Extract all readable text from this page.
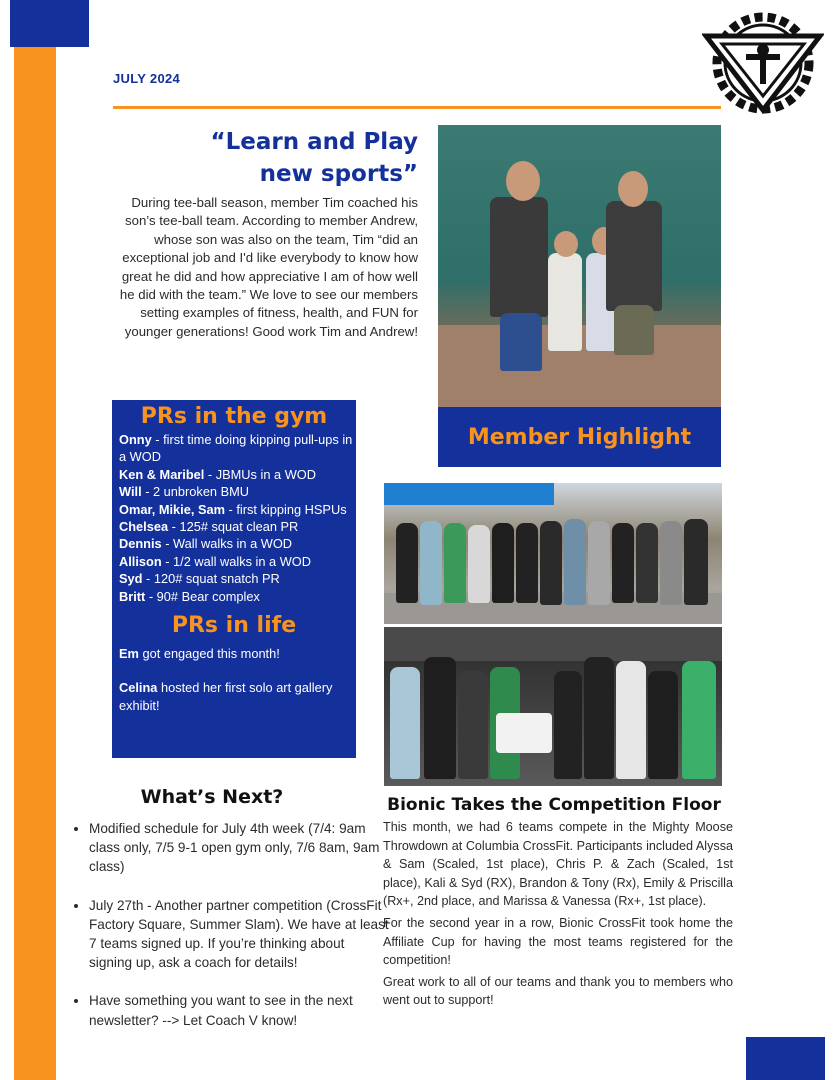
JULY 2024
“Learn and Play new sports”
During tee-ball season, member Tim coached his son’s tee-ball team. According to member Andrew, whose son was also on the team, Tim “did an exceptional job and I'd like everybody to know how great he did and how appreciative I am of how well he did with the team.” We love to see our members setting examples of fitness, health, and FUN for younger generations! Good work Tim and Andrew!
Member Highlight
PRs in the gym
Onny - first time doing kipping pull-ups in a WOD
Ken & Maribel - JBMUs in a WOD
Will - 2 unbroken BMU
Omar, Mikie, Sam - first kipping HSPUs
Chelsea - 125# squat clean PR
Dennis - Wall walks in a WOD
Allison - 1/2 wall walks in a WOD
Syd - 120# squat snatch PR
Britt - 90# Bear complex
PRs in life

Em got engaged this month!

Celina hosted her first solo art gallery exhibit!

What’s Next?
• Modified schedule for July 4th week (7/4: 9am class only, 7/5 9-1 open gym only, 7/6 8am, 9am class)
• July 27th - Another partner competition (CrossFit Factory Square, Summer Slam). We have at least 7 teams signed up. If you’re thinking about signing up, ask a coach for details!
• Have something you want to see in the next newsletter? --> Let Coach V know!
Bionic Takes the Competition Floor

This month, we had 6 teams compete in the Mighty Moose Throwdown at Columbia CrossFit. Participants included Alyssa & Sam (Scaled, 1st place), Chris P. & Zach (Scaled, 1st place), Kali & Syd (RX), Brandon & Tony (Rx), Emily & Priscilla (Rx+, 2nd place, and Marissa & Vanessa (Rx+, 1st place).

For the second year in a row, Bionic CrossFit took home the Affiliate Cup for having the most teams registered for the competition!

Great work to all of our teams and thank you to members who went out to support!
